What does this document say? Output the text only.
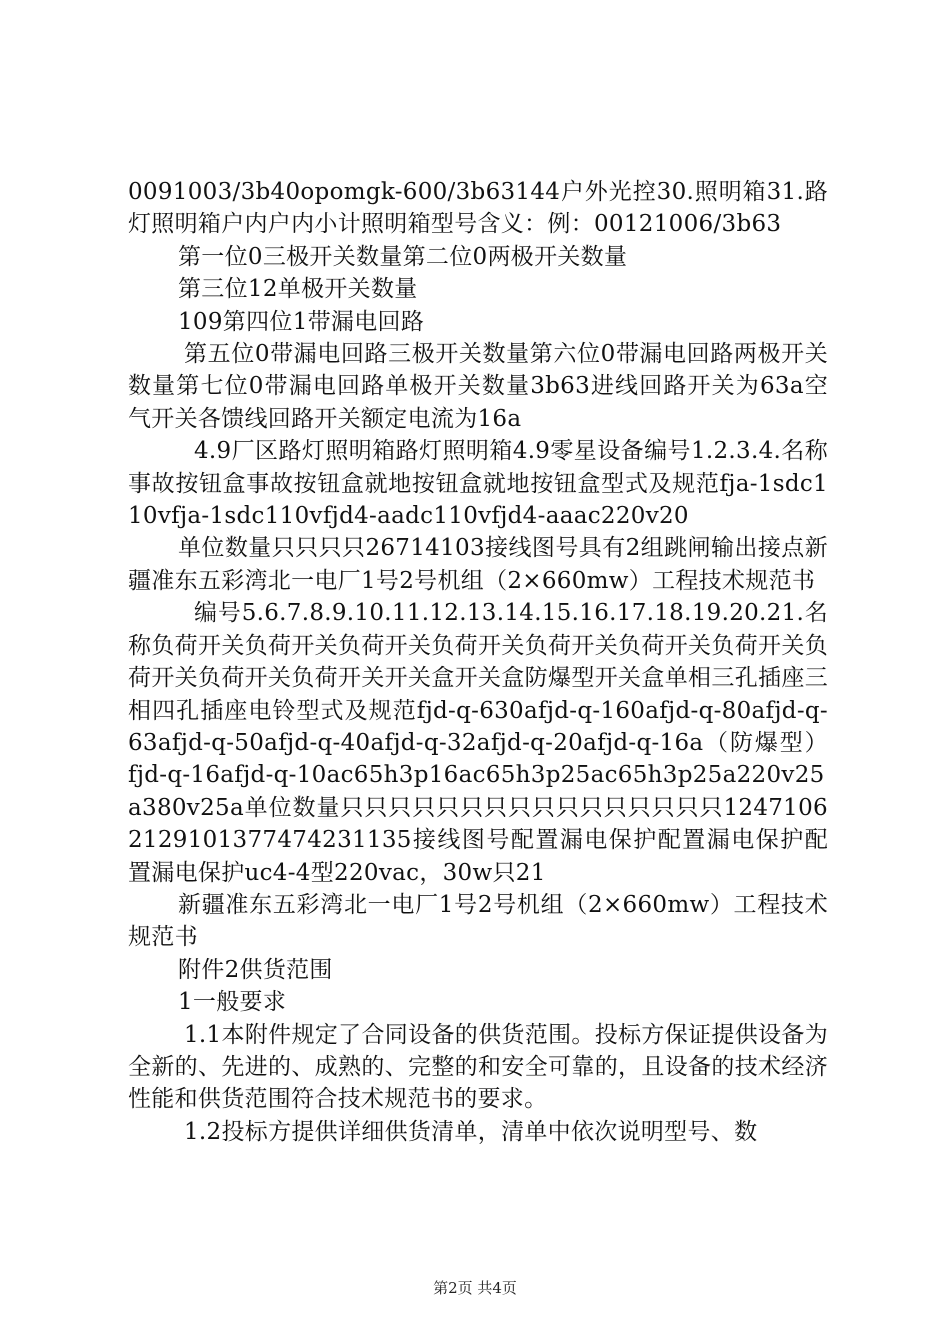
0091003/3b40opomgk-600/3b63144户外光控30.照明箱31.路灯照明箱户内户内小计照明箱型号含义：例：00121006/3b63

第一位0三极开关数量第二位0两极开关数量

第三位12单极开关数量

109第四位1带漏电回路

第五位0带漏电回路三极开关数量第六位0带漏电回路两极开关数量第七位0带漏电回路单极开关数量3b63进线回路开关为63a空气开关各馈线回路开关额定电流为16a

4.9厂区路灯照明箱路灯照明箱4.9零星设备编号1.2.3.4.名称事故按钮盒事故按钮盒就地按钮盒就地按钮盒型式及规范fja-1sdc110vfja-1sdc110vfjd4-aadc110vfjd4-aaac220v20

单位数量只只只只26714103接线图号具有2组跳闸输出接点新疆准东五彩湾北一电厂1号2号机组（2×660mw）工程技术规范书

编号5.6.7.8.9.10.11.12.13.14.15.16.17.18.19.20.21.名称负荷开关负荷开关负荷开关负荷开关负荷开关负荷开关负荷开关负荷开关负荷开关负荷开关开关盒开关盒防爆型开关盒单相三孔插座三相四孔插座电铃型式及规范fjd-q-630afjd-q-160afjd-q-80afjd-q-63afjd-q-50afjd-q-40afjd-q-32afjd-q-20afjd-q-16a（防爆型）fjd-q-16afjd-q-10ac65h3p16ac65h3p25ac65h3p25a220v25a380v25a单位数量只只只只只只只只只只只只只只只只12471062129101377474231135接线图号配置漏电保护配置漏电保护配置漏电保护uc4-4型220vac，30w只21

新疆准东五彩湾北一电厂1号2号机组（2×660mw）工程技术规范书

附件2供货范围

1一般要求

1.1本附件规定了合同设备的供货范围。投标方保证提供设备为全新的、先进的、成熟的、完整的和安全可靠的，且设备的技术经济性能和供货范围符合技术规范书的要求。

1.2投标方提供详细供货清单，清单中依次说明型号、数

第2页 共4页
